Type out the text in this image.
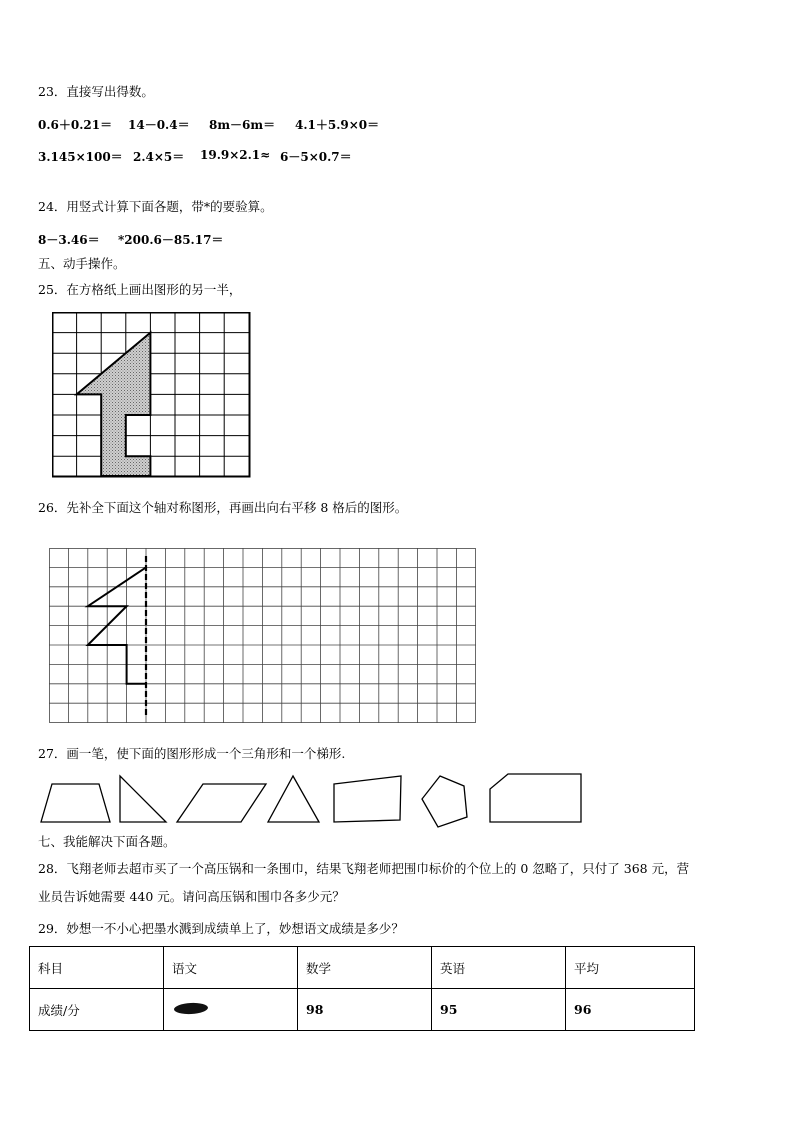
23．直接写出得数。
0.6＋0.21＝ 14－0.4＝ 8m－6m＝ 4.1＋5.9×0＝
3.145×100＝ 2.4×5＝ 19.9×2.1≈ 6－5×0.7＝
24．用竖式计算下面各题，带*的要验算。
8－3.46＝ *200.6－85.17＝
五、动手操作。
25．在方格纸上画出图形的另一半，
26．先补全下面这个轴对称图形，再画出向右平移 8 格后的图形。
27．画一笔，使下面的图形形成一个三角形和一个梯形.
七、我能解决下面各题。
28．飞翔老师去超市买了一个高压锅和一条围巾，结果飞翔老师把围巾标价的个位上的 0 忽略了，只付了 368 元，营
业员告诉她需要 440 元。请问高压锅和围巾各多少元？
29．妙想一不小心把墨水溅到成绩单上了，妙想语文成绩是多少？
科目	语文	数学	英语	平均
成绩/分		98	95	96
